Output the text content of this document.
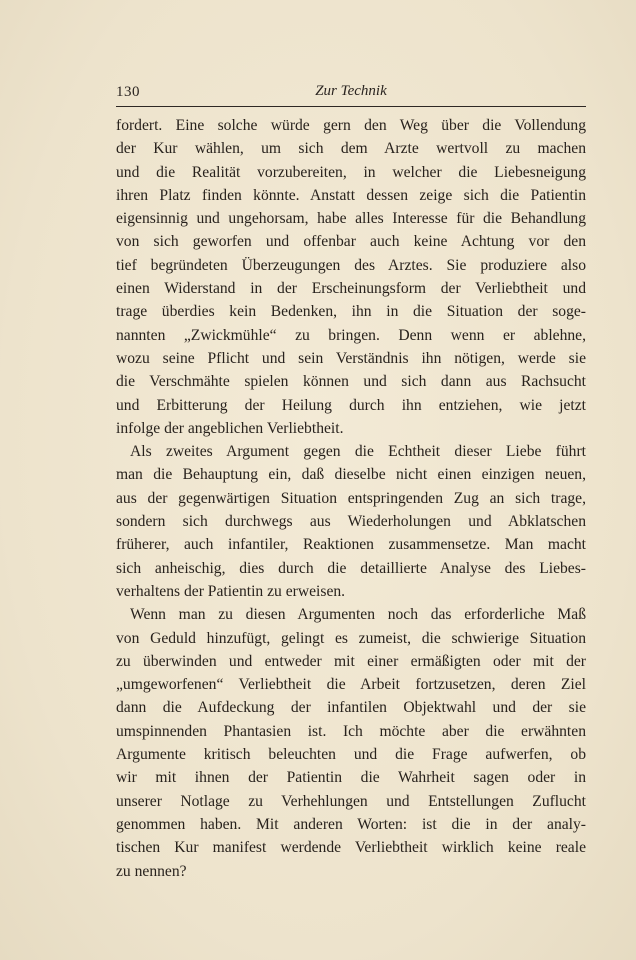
130	Zur Technik
fordert. Eine solche würde gern den Weg über die Vollendung
der Kur wählen, um sich dem Arzte wertvoll zu machen
und die Realität vorzubereiten, in welcher die Liebesneigung
ihren Platz finden könnte. Anstatt dessen zeige sich die Patientin
eigensinnig und ungehorsam, habe alles Interesse für die Behandlung
von sich geworfen und offenbar auch keine Achtung vor den
tief begründeten Überzeugungen des Arztes. Sie produziere also
einen Widerstand in der Erscheinungsform der Verliebtheit und
trage überdies kein Bedenken, ihn in die Situation der soge-
nannten „Zwickmühle“ zu bringen. Denn wenn er ablehne,
wozu seine Pflicht und sein Verständnis ihn nötigen, werde sie
die Verschmähte spielen können und sich dann aus Rachsucht
und Erbitterung der Heilung durch ihn entziehen, wie jetzt
infolge der angeblichen Verliebtheit.
Als zweites Argument gegen die Echtheit dieser Liebe führt
man die Behauptung ein, daß dieselbe nicht einen einzigen neuen,
aus der gegenwärtigen Situation entspringenden Zug an sich trage,
sondern sich durchwegs aus Wiederholungen und Abklatschen
früherer, auch infantiler, Reaktionen zusammensetze. Man macht
sich anheischig, dies durch die detaillierte Analyse des Liebes-
verhaltens der Patientin zu erweisen.
Wenn man zu diesen Argumenten noch das erforderliche Maß
von Geduld hinzufügt, gelingt es zumeist, die schwierige Situation
zu überwinden und entweder mit einer ermäßigten oder mit der
„umgeworfenen“ Verliebtheit die Arbeit fortzusetzen, deren Ziel
dann die Aufdeckung der infantilen Objektwahl und der sie
umspinnenden Phantasien ist. Ich möchte aber die erwähnten
Argumente kritisch beleuchten und die Frage aufwerfen, ob
wir mit ihnen der Patientin die Wahrheit sagen oder in
unserer Notlage zu Verhehlungen und Entstellungen Zuflucht
genommen haben. Mit anderen Worten: ist die in der analy-
tischen Kur manifest werdende Verliebtheit wirklich keine reale
zu nennen?
